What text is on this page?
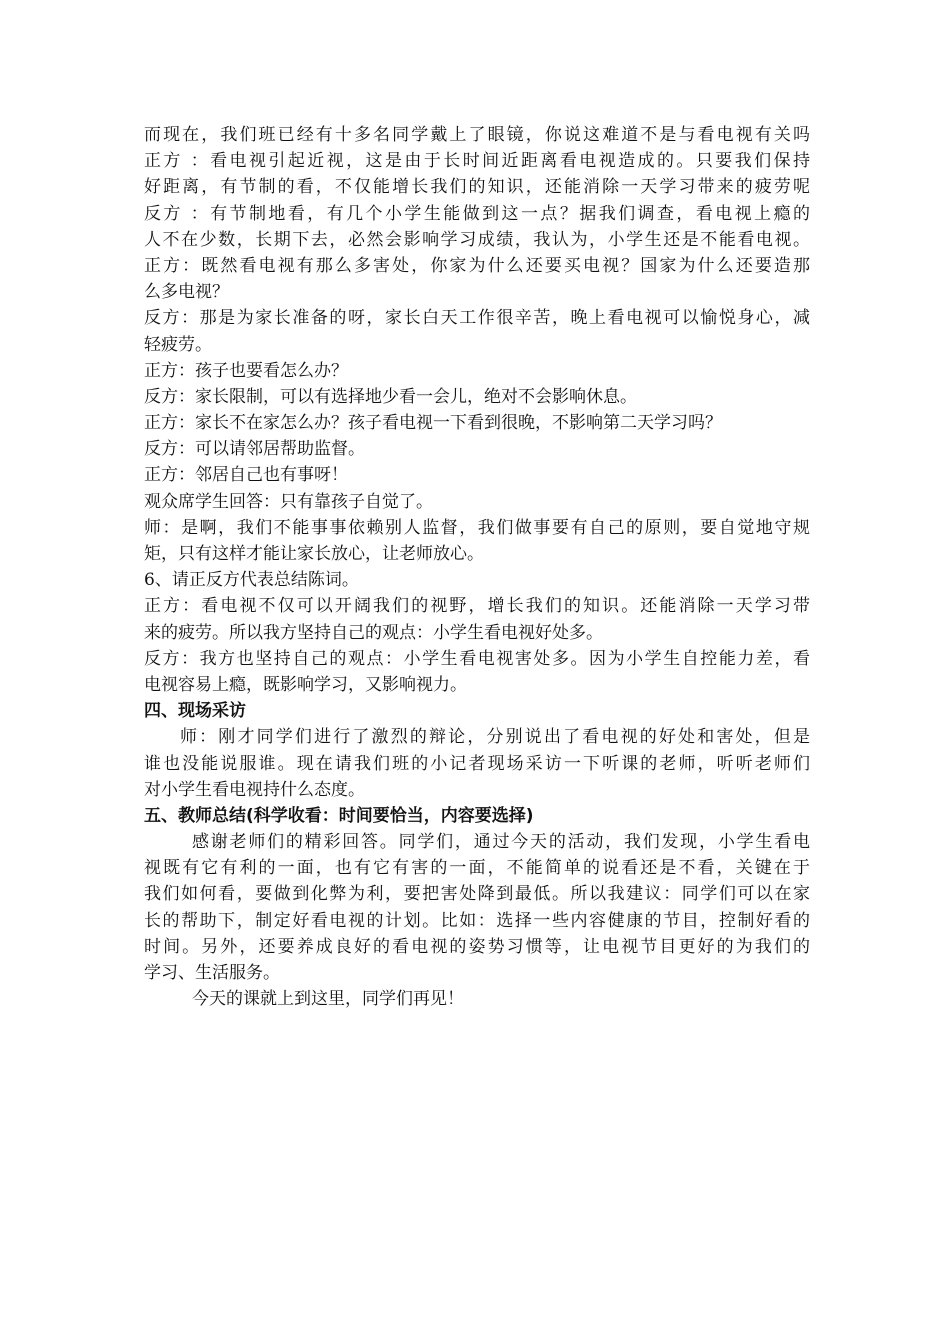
而现在，我们班已经有十多名同学戴上了眼镜，你说这难道不是与看电视有关吗
正方 ：看电视引起近视，这是由于长时间近距离看电视造成的。只要我们保持
好距离，有节制的看，不仅能增长我们的知识，还能消除一天学习带来的疲劳呢
反方 ：有节制地看，有几个小学生能做到这一点？据我们调查，看电视上瘾的
人不在少数，长期下去，必然会影响学习成绩，我认为，小学生还是不能看电视。
正方：既然看电视有那么多害处，你家为什么还要买电视？国家为什么还要造那
么多电视？
反方：那是为家长准备的呀，家长白天工作很辛苦，晚上看电视可以愉悦身心，减
轻疲劳。
正方：孩子也要看怎么办？
反方：家长限制，可以有选择地少看一会儿，绝对不会影响休息。
正方：家长不在家怎么办？孩子看电视一下看到很晚，不影响第二天学习吗？
反方：可以请邻居帮助监督。
正方：邻居自己也有事呀！
观众席学生回答：只有靠孩子自觉了。
师：是啊，我们不能事事依赖别人监督，我们做事要有自己的原则，要自觉地守规
矩，只有这样才能让家长放心，让老师放心。
6、请正反方代表总结陈词。
正方：看电视不仅可以开阔我们的视野，增长我们的知识。还能消除一天学习带
来的疲劳。所以我方坚持自己的观点：小学生看电视好处多。
反方：我方也坚持自己的观点：小学生看电视害处多。因为小学生自控能力差，看
电视容易上瘾，既影响学习，又影响视力。
四、现场采访
师：刚才同学们进行了激烈的辩论，分别说出了看电视的好处和害处，但是
谁也没能说服谁。现在请我们班的小记者现场采访一下听课的老师，听听老师们
对小学生看电视持什么态度。
五、教师总结(科学收看：时间要恰当，内容要选择)
感谢老师们的精彩回答。同学们，通过今天的活动，我们发现，小学生看电
视既有它有利的一面，也有它有害的一面，不能简单的说看还是不看，关键在于
我们如何看，要做到化弊为利，要把害处降到最低。所以我建议：同学们可以在家
长的帮助下，制定好看电视的计划。比如：选择一些内容健康的节目，控制好看的
时间。另外，还要养成良好的看电视的姿势习惯等，让电视节目更好的为我们的
学习、生活服务。
今天的课就上到这里，同学们再见！
